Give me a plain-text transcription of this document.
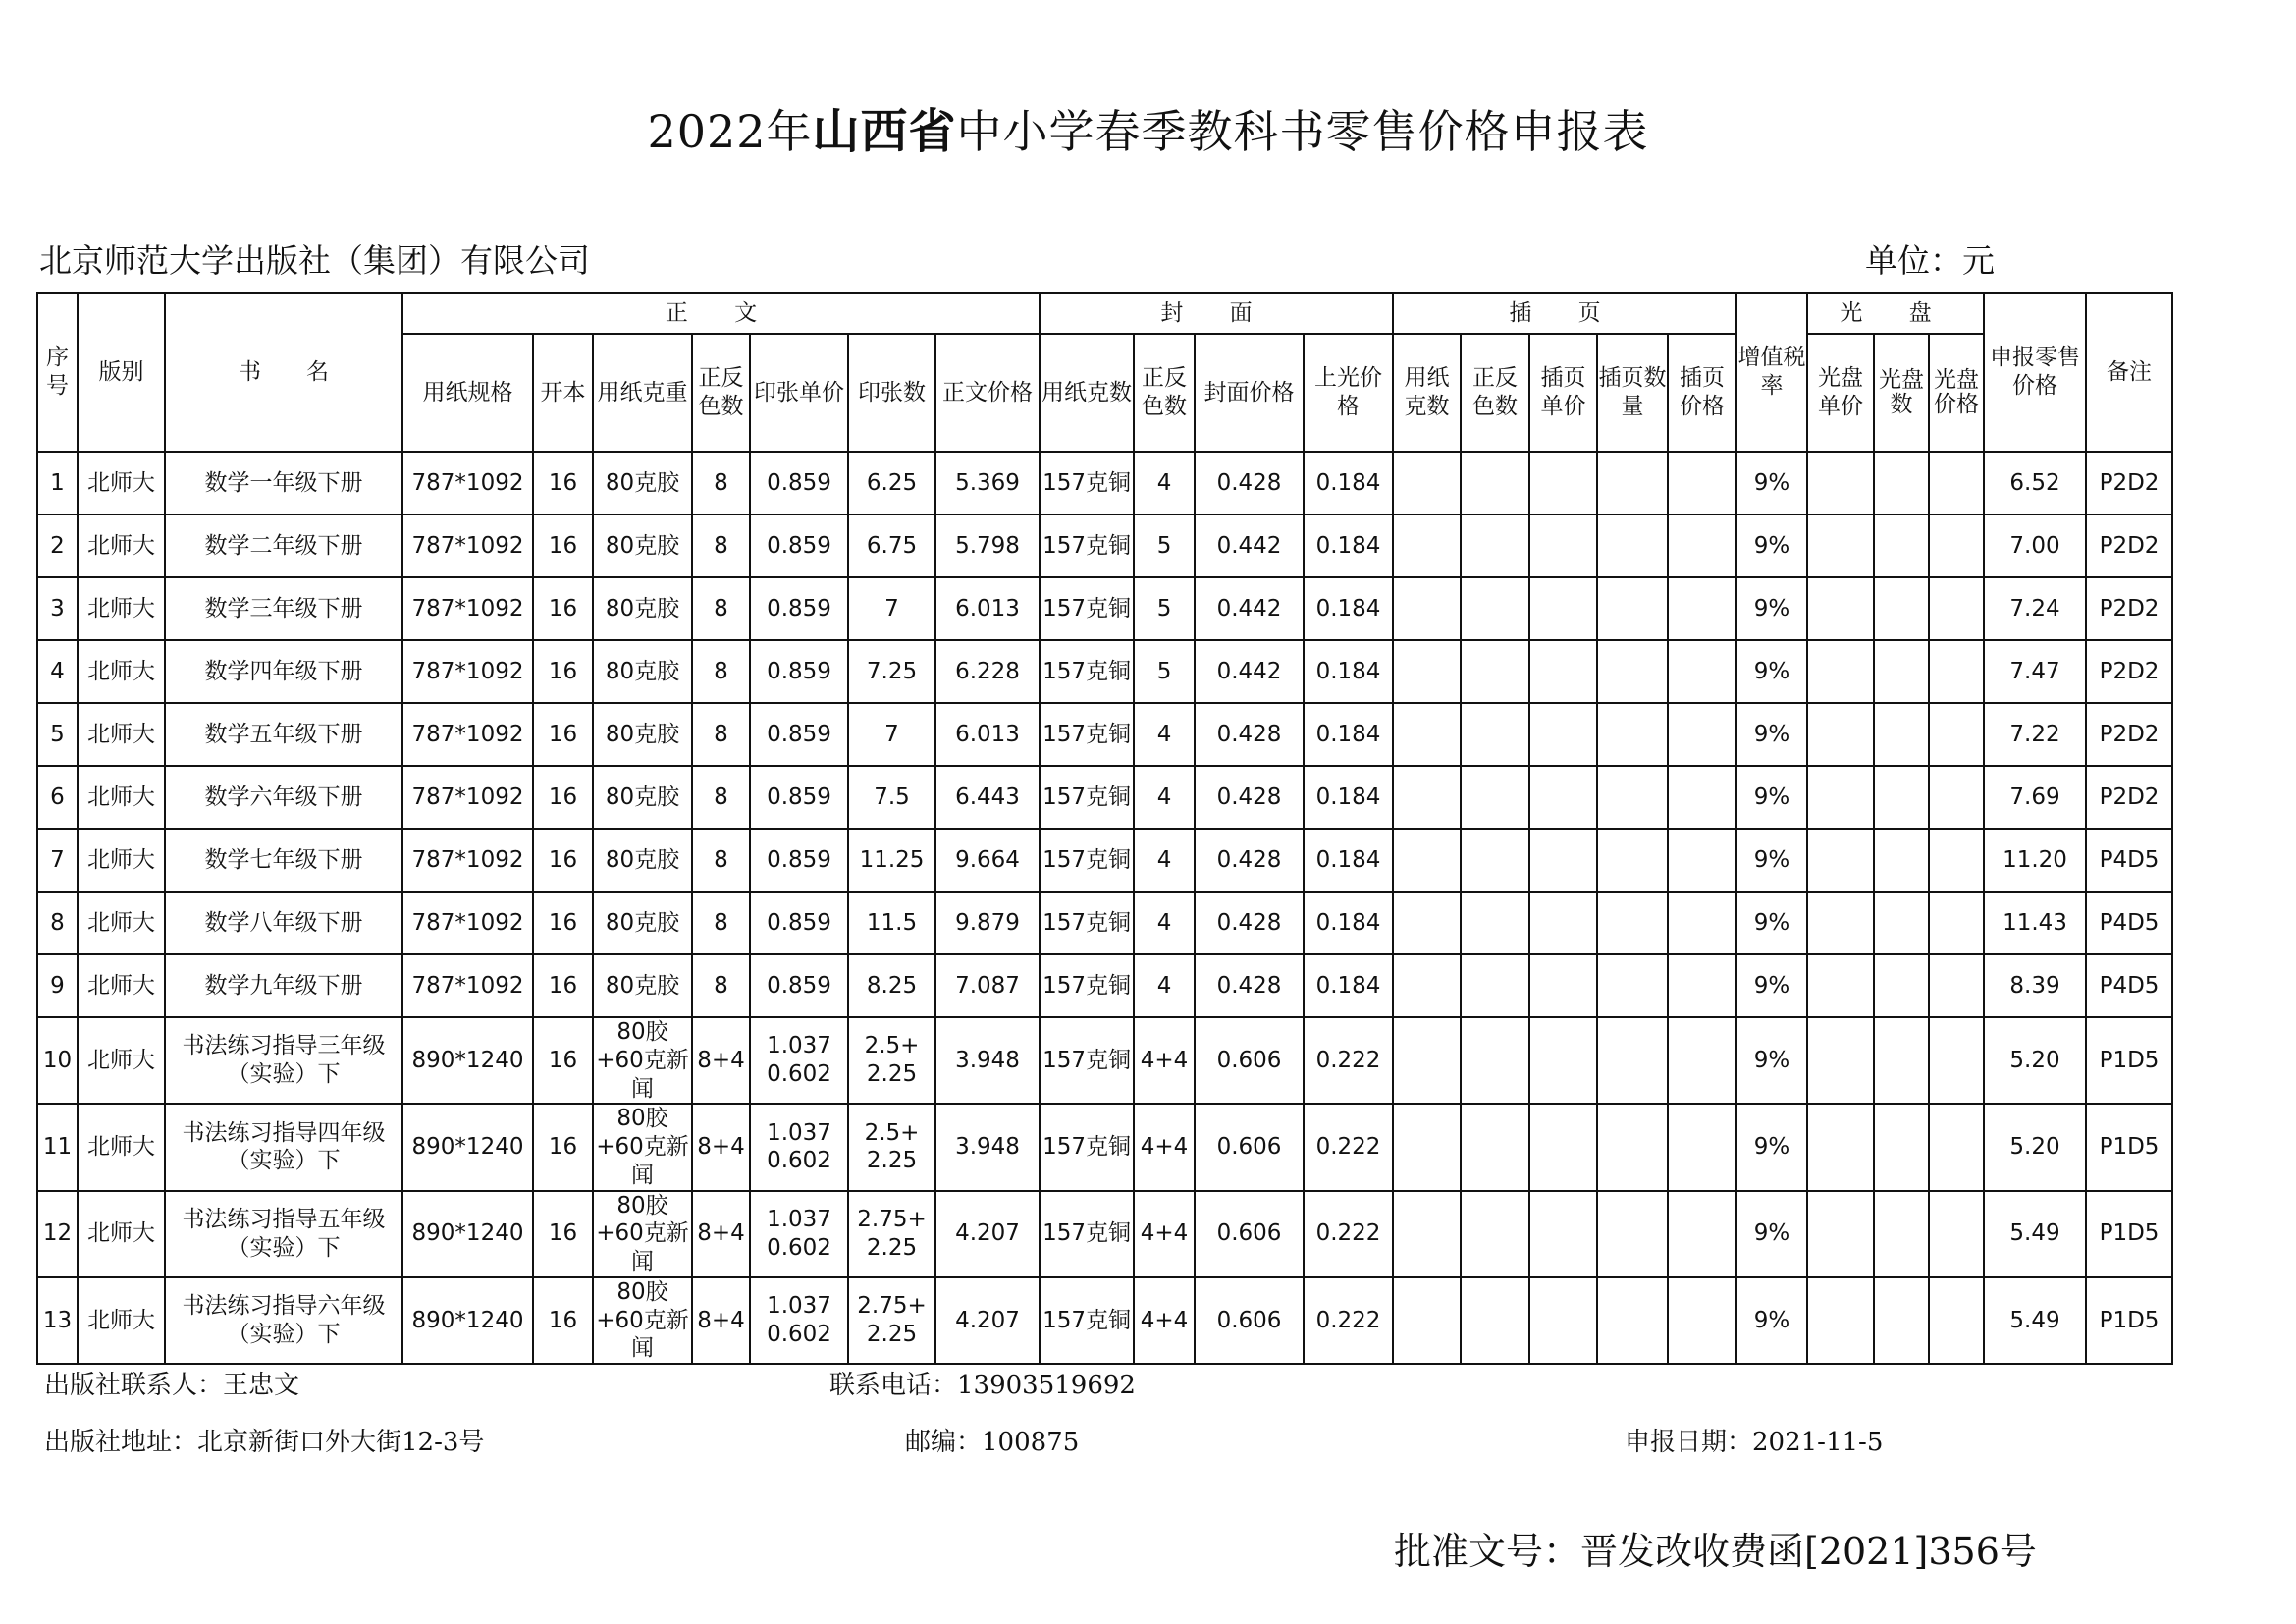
2022年山西省中小学春季教科书零售价格申报表
北京师范大学出版社（集团）有限公司	单位：元
序号	版别	书　　名	正 文							封 面				插 页					增值税率	光 盘			申报零售价格	备注
			用纸规格	开本	用纸克重	正反色数	印张单价	印张数	正文价格	用纸克数	正反色数	封面价格	上光价格	用纸克数	正反色数	插页单价	插页数量	插页价格		光盘单价	光盘数	光盘价格		
1	北师大	数学一年级下册	787*1092	16	80克胶	8	0.859	6.25	5.369	157克铜	4	0.428	0.184						9%				6.52	P2D2
2	北师大	数学二年级下册	787*1092	16	80克胶	8	0.859	6.75	5.798	157克铜	5	0.442	0.184						9%				7.00	P2D2
3	北师大	数学三年级下册	787*1092	16	80克胶	8	0.859	7	6.013	157克铜	5	0.442	0.184						9%				7.24	P2D2
4	北师大	数学四年级下册	787*1092	16	80克胶	8	0.859	7.25	6.228	157克铜	5	0.442	0.184						9%				7.47	P2D2
5	北师大	数学五年级下册	787*1092	16	80克胶	8	0.859	7	6.013	157克铜	4	0.428	0.184						9%				7.22	P2D2
6	北师大	数学六年级下册	787*1092	16	80克胶	8	0.859	7.5	6.443	157克铜	4	0.428	0.184						9%				7.69	P2D2
7	北师大	数学七年级下册	787*1092	16	80克胶	8	0.859	11.25	9.664	157克铜	4	0.428	0.184						9%				11.20	P4D5
8	北师大	数学八年级下册	787*1092	16	80克胶	8	0.859	11.5	9.879	157克铜	4	0.428	0.184						9%				11.43	P4D5
9	北师大	数学九年级下册	787*1092	16	80克胶	8	0.859	8.25	7.087	157克铜	4	0.428	0.184						9%				8.39	P4D5
10	北师大	书法练习指导三年级（实验）下	890*1240	16	80胶+60克新闻	8+4	1.037 0.602	2.5+ 2.25	3.948	157克铜	4+4	0.606	0.222						9%				5.20	P1D5
11	北师大	书法练习指导四年级（实验）下	890*1240	16	80胶+60克新闻	8+4	1.037 0.602	2.5+ 2.25	3.948	157克铜	4+4	0.606	0.222						9%				5.20	P1D5
12	北师大	书法练习指导五年级（实验）下	890*1240	16	80胶+60克新闻	8+4	1.037 0.602	2.75+ 2.25	4.207	157克铜	4+4	0.606	0.222						9%				5.49	P1D5
13	北师大	书法练习指导六年级（实验）下	890*1240	16	80胶+60克新闻	8+4	1.037 0.602	2.75+ 2.25	4.207	157克铜	4+4	0.606	0.222						9%				5.49	P1D5
出版社联系人：王忠文	联系电话：13903519692
出版社地址：北京新街口外大街12-3号	邮编：100875	申报日期：2021-11-5
批准文号：晋发改收费函[2021]356号
